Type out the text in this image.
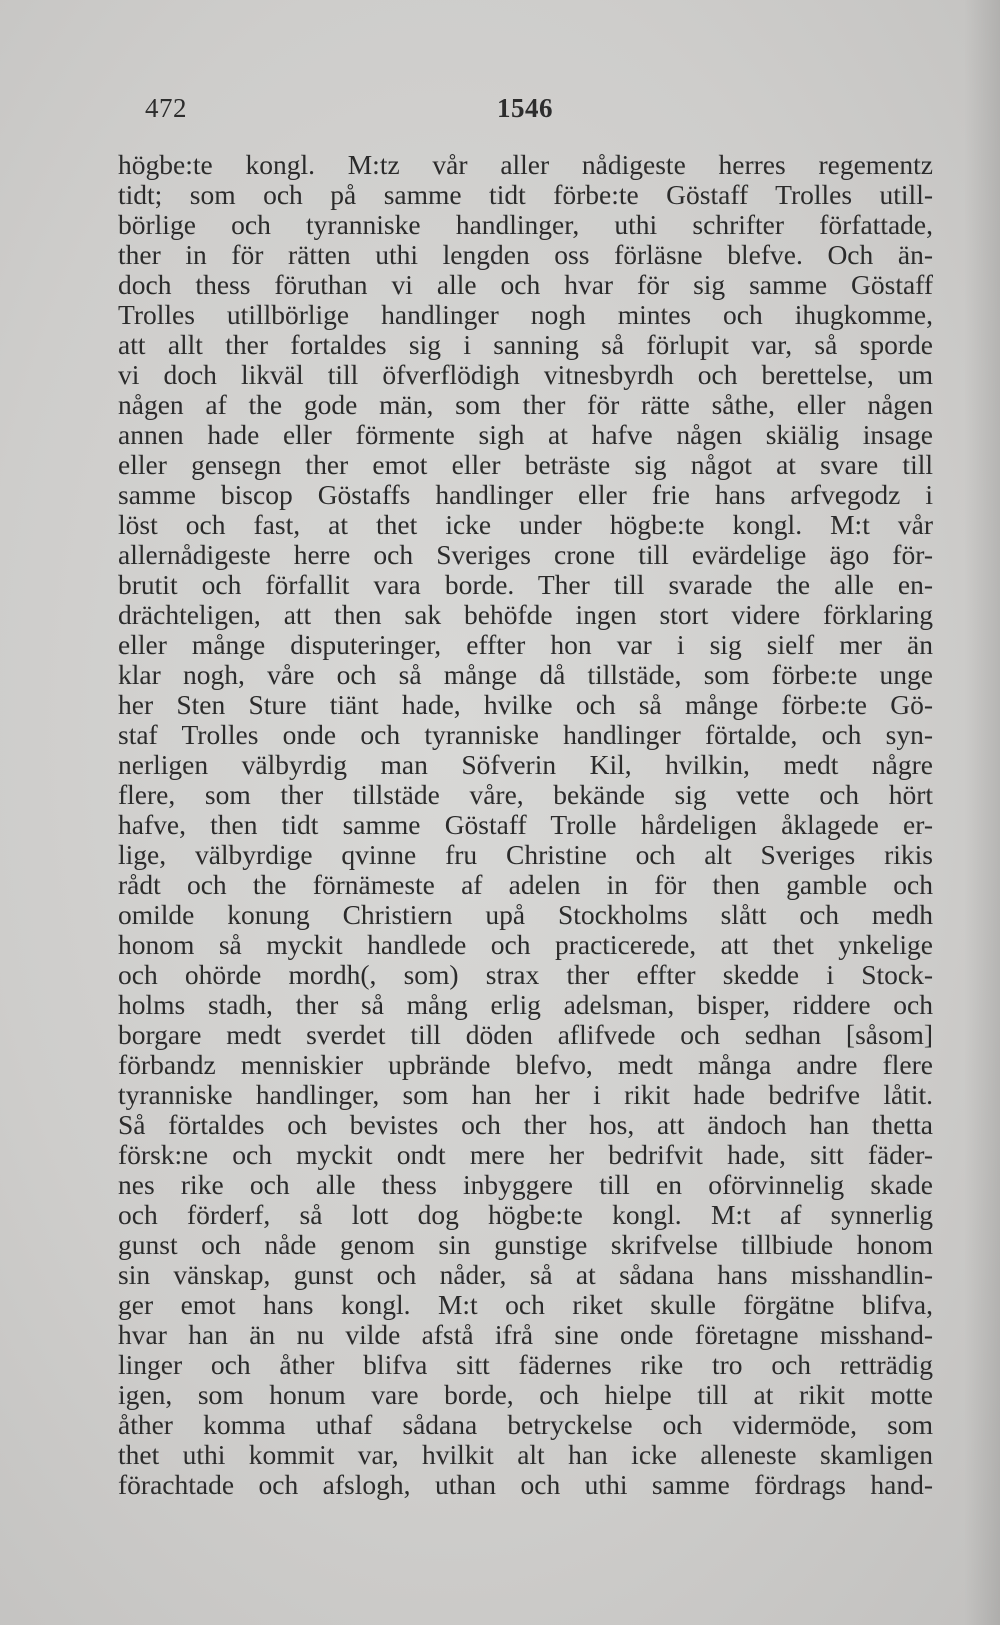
472	1546
högbe:te kongl. M:tz vår aller nådigeste herres regementz
tidt; som och på samme tidt förbe:te Göstaff Trolles utill-
börlige och tyranniske handlinger, uthi schrifter författade,
ther in för rätten uthi lengden oss förläsne blefve. Och än-
doch thess föruthan vi alle och hvar för sig samme Göstaff
Trolles utillbörlige handlinger nogh mintes och ihugkomme,
att allt ther fortaldes sig i sanning så förlupit var, så sporde
vi doch likväl till öfverflödigh vitnesbyrdh och berettelse, um
någen af the gode män, som ther för rätte såthe, eller någen
annen hade eller förmente sigh at hafve någen skiälig insage
eller gensegn ther emot eller beträste sig något at svare till
samme biscop Göstaffs handlinger eller frie hans arfvegodz i
löst och fast, at thet icke under högbe:te kongl. M:t vår
allernådigeste herre och Sveriges crone till evärdelige ägo för-
brutit och förfallit vara borde. Ther till svarade the alle en-
drächteligen, att then sak behöfde ingen stort videre förklaring
eller månge disputeringer, effter hon var i sig sielf mer än
klar nogh, våre och så månge då tillstäde, som förbe:te unge
her Sten Sture tiänt hade, hvilke och så månge förbe:te Gö-
staf Trolles onde och tyranniske handlinger förtalde, och syn-
nerligen välbyrdig man Söfverin Kil, hvilkin, medt någre
flere, som ther tillstäde våre, bekände sig vette och hört
hafve, then tidt samme Göstaff Trolle hårdeligen åklagede er-
lige, välbyrdige qvinne fru Christine och alt Sveriges rikis
rådt och the förnämeste af adelen in för then gamble och
omilde konung Christiern upå Stockholms slått och medh
honom så myckit handlede och practicerede, att thet ynkelige
och ohörde mordh(, som) strax ther effter skedde i Stock-
holms stadh, ther så mång erlig adelsman, bisper, riddere och
borgare medt sverdet till döden aflifvede och sedhan [såsom]
förbandz menniskier upbrände blefvo, medt många andre flere
tyranniske handlinger, som han her i rikit hade bedrifve låtit.
Så förtaldes och bevistes och ther hos, att ändoch han thetta
försk:ne och myckit ondt mere her bedrifvit hade, sitt fäder-
nes rike och alle thess inbyggere till en oförvinnelig skade
och förderf, så lott dog högbe:te kongl. M:t af synnerlig
gunst och nåde genom sin gunstige skrifvelse tillbiude honom
sin vänskap, gunst och nåder, så at sådana hans misshandlin-
ger emot hans kongl. M:t och riket skulle förgätne blifva,
hvar han än nu vilde afstå ifrå sine onde företagne misshand-
linger och åther blifva sitt fädernes rike tro och retträdig
igen, som honum vare borde, och hielpe till at rikit motte
åther komma uthaf sådana betryckelse och vidermöde, som
thet uthi kommit var, hvilkit alt han icke alleneste skamligen
förachtade och afslogh, uthan och uthi samme fördrags hand-
